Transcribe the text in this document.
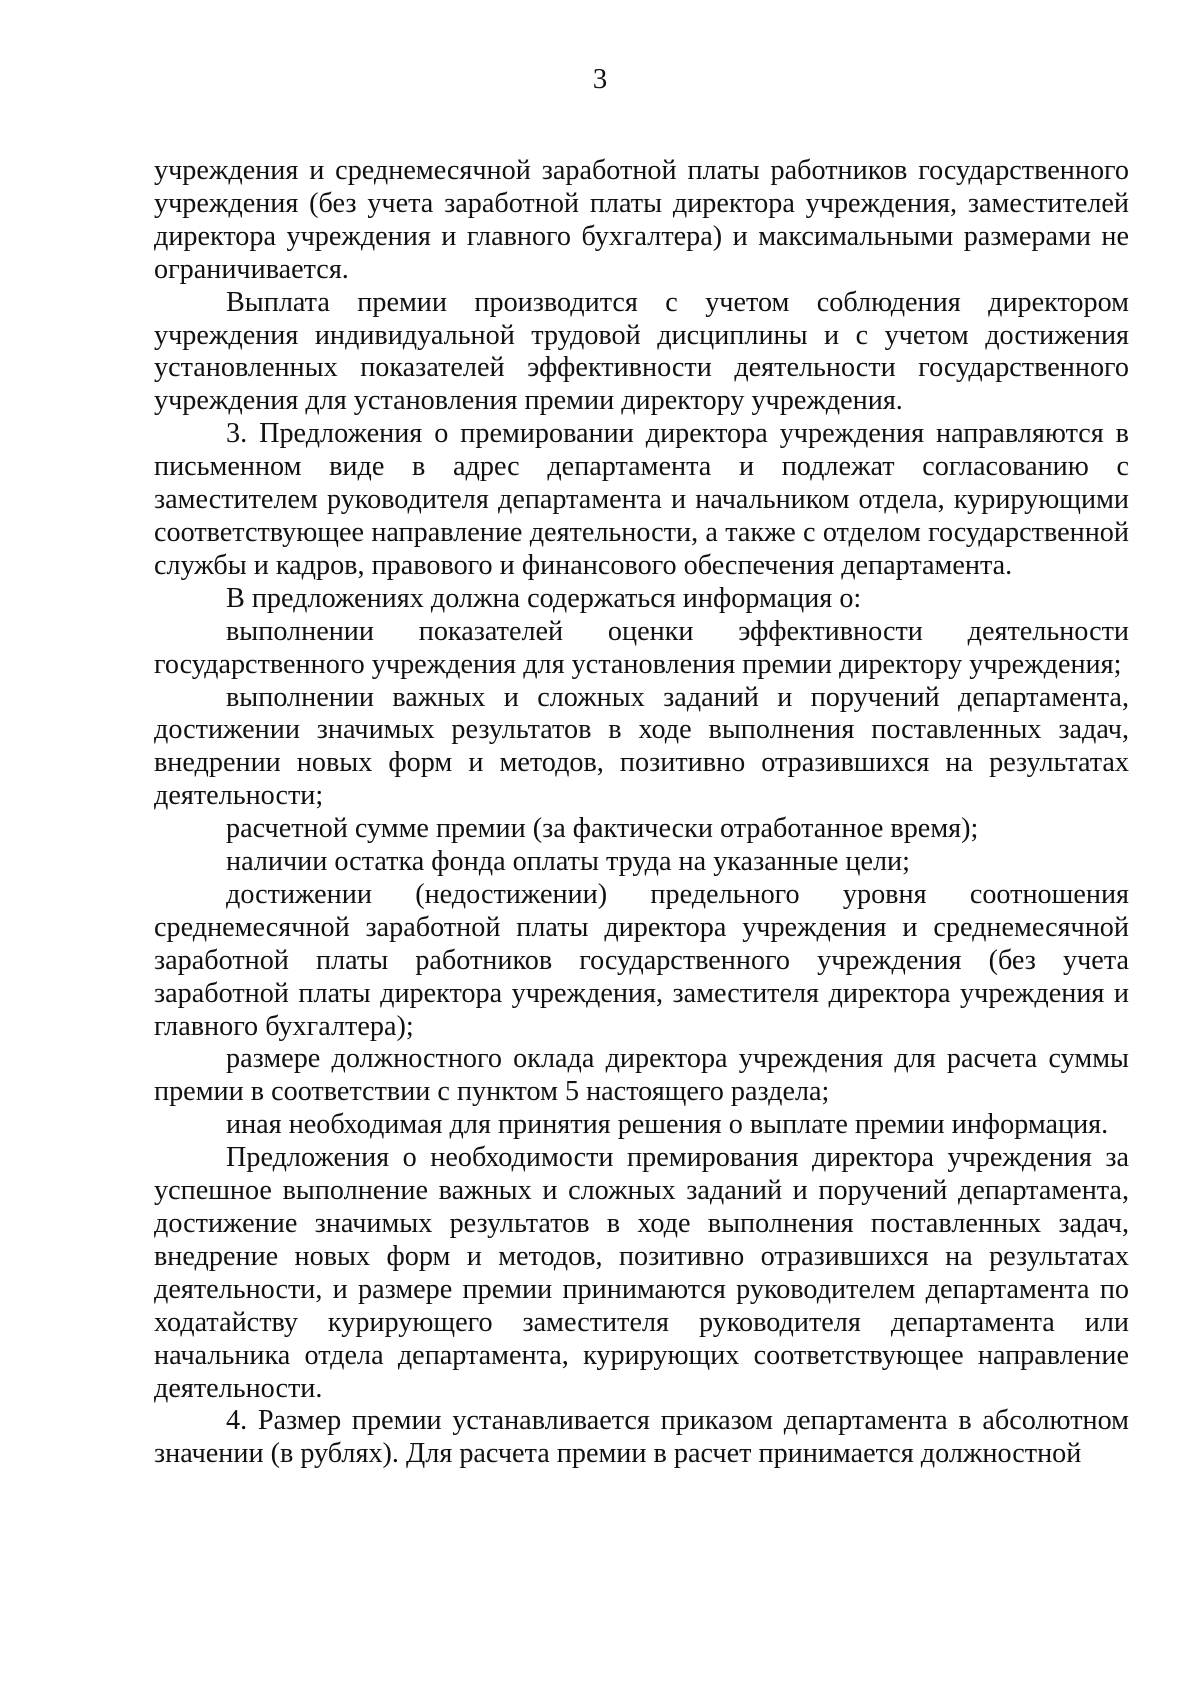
3

учреждения и среднемесячной заработной платы работников государственного учреждения (без учета заработной платы директора учреждения, заместителей директора учреждения и главного бухгалтера) и максимальными размерами не ограничивается.

Выплата премии производится с учетом соблюдения директором учреждения индивидуальной трудовой дисциплины и с учетом достижения установленных показателей эффективности деятельности государственного учреждения для установления премии директору учреждения.

3. Предложения о премировании директора учреждения направляются в письменном виде в адрес департамента и подлежат согласованию с заместителем руководителя департамента и начальником отдела, курирующими соответствующее направление деятельности, а также с отделом государственной службы и кадров, правового и финансового обеспечения департамента.

В предложениях должна содержаться информация о:

выполнении показателей оценки эффективности деятельности государственного учреждения для установления премии директору учреждения;

выполнении важных и сложных заданий и поручений департамента, достижении значимых результатов в ходе выполнения поставленных задач, внедрении новых форм и методов, позитивно отразившихся на результатах деятельности;

расчетной сумме премии (за фактически отработанное время);

наличии остатка фонда оплаты труда на указанные цели;

достижении (недостижении) предельного уровня соотношения среднемесячной заработной платы директора учреждения и среднемесячной заработной платы работников государственного учреждения (без учета заработной платы директора учреждения, заместителя директора учреждения и главного бухгалтера);

размере должностного оклада директора учреждения для расчета суммы премии в соответствии с пунктом 5 настоящего раздела;

иная необходимая для принятия решения о выплате премии информация.

Предложения о необходимости премирования директора учреждения за успешное выполнение важных и сложных заданий и поручений департамента, достижение значимых результатов в ходе выполнения поставленных задач, внедрение новых форм и методов, позитивно отразившихся на результатах деятельности, и размере премии принимаются руководителем департамента по ходатайству курирующего заместителя руководителя департамента или начальника отдела департамента, курирующих соответствующее направление деятельности.

4. Размер премии устанавливается приказом департамента в абсолютном значении (в рублях). Для расчета премии в расчет принимается должностной
